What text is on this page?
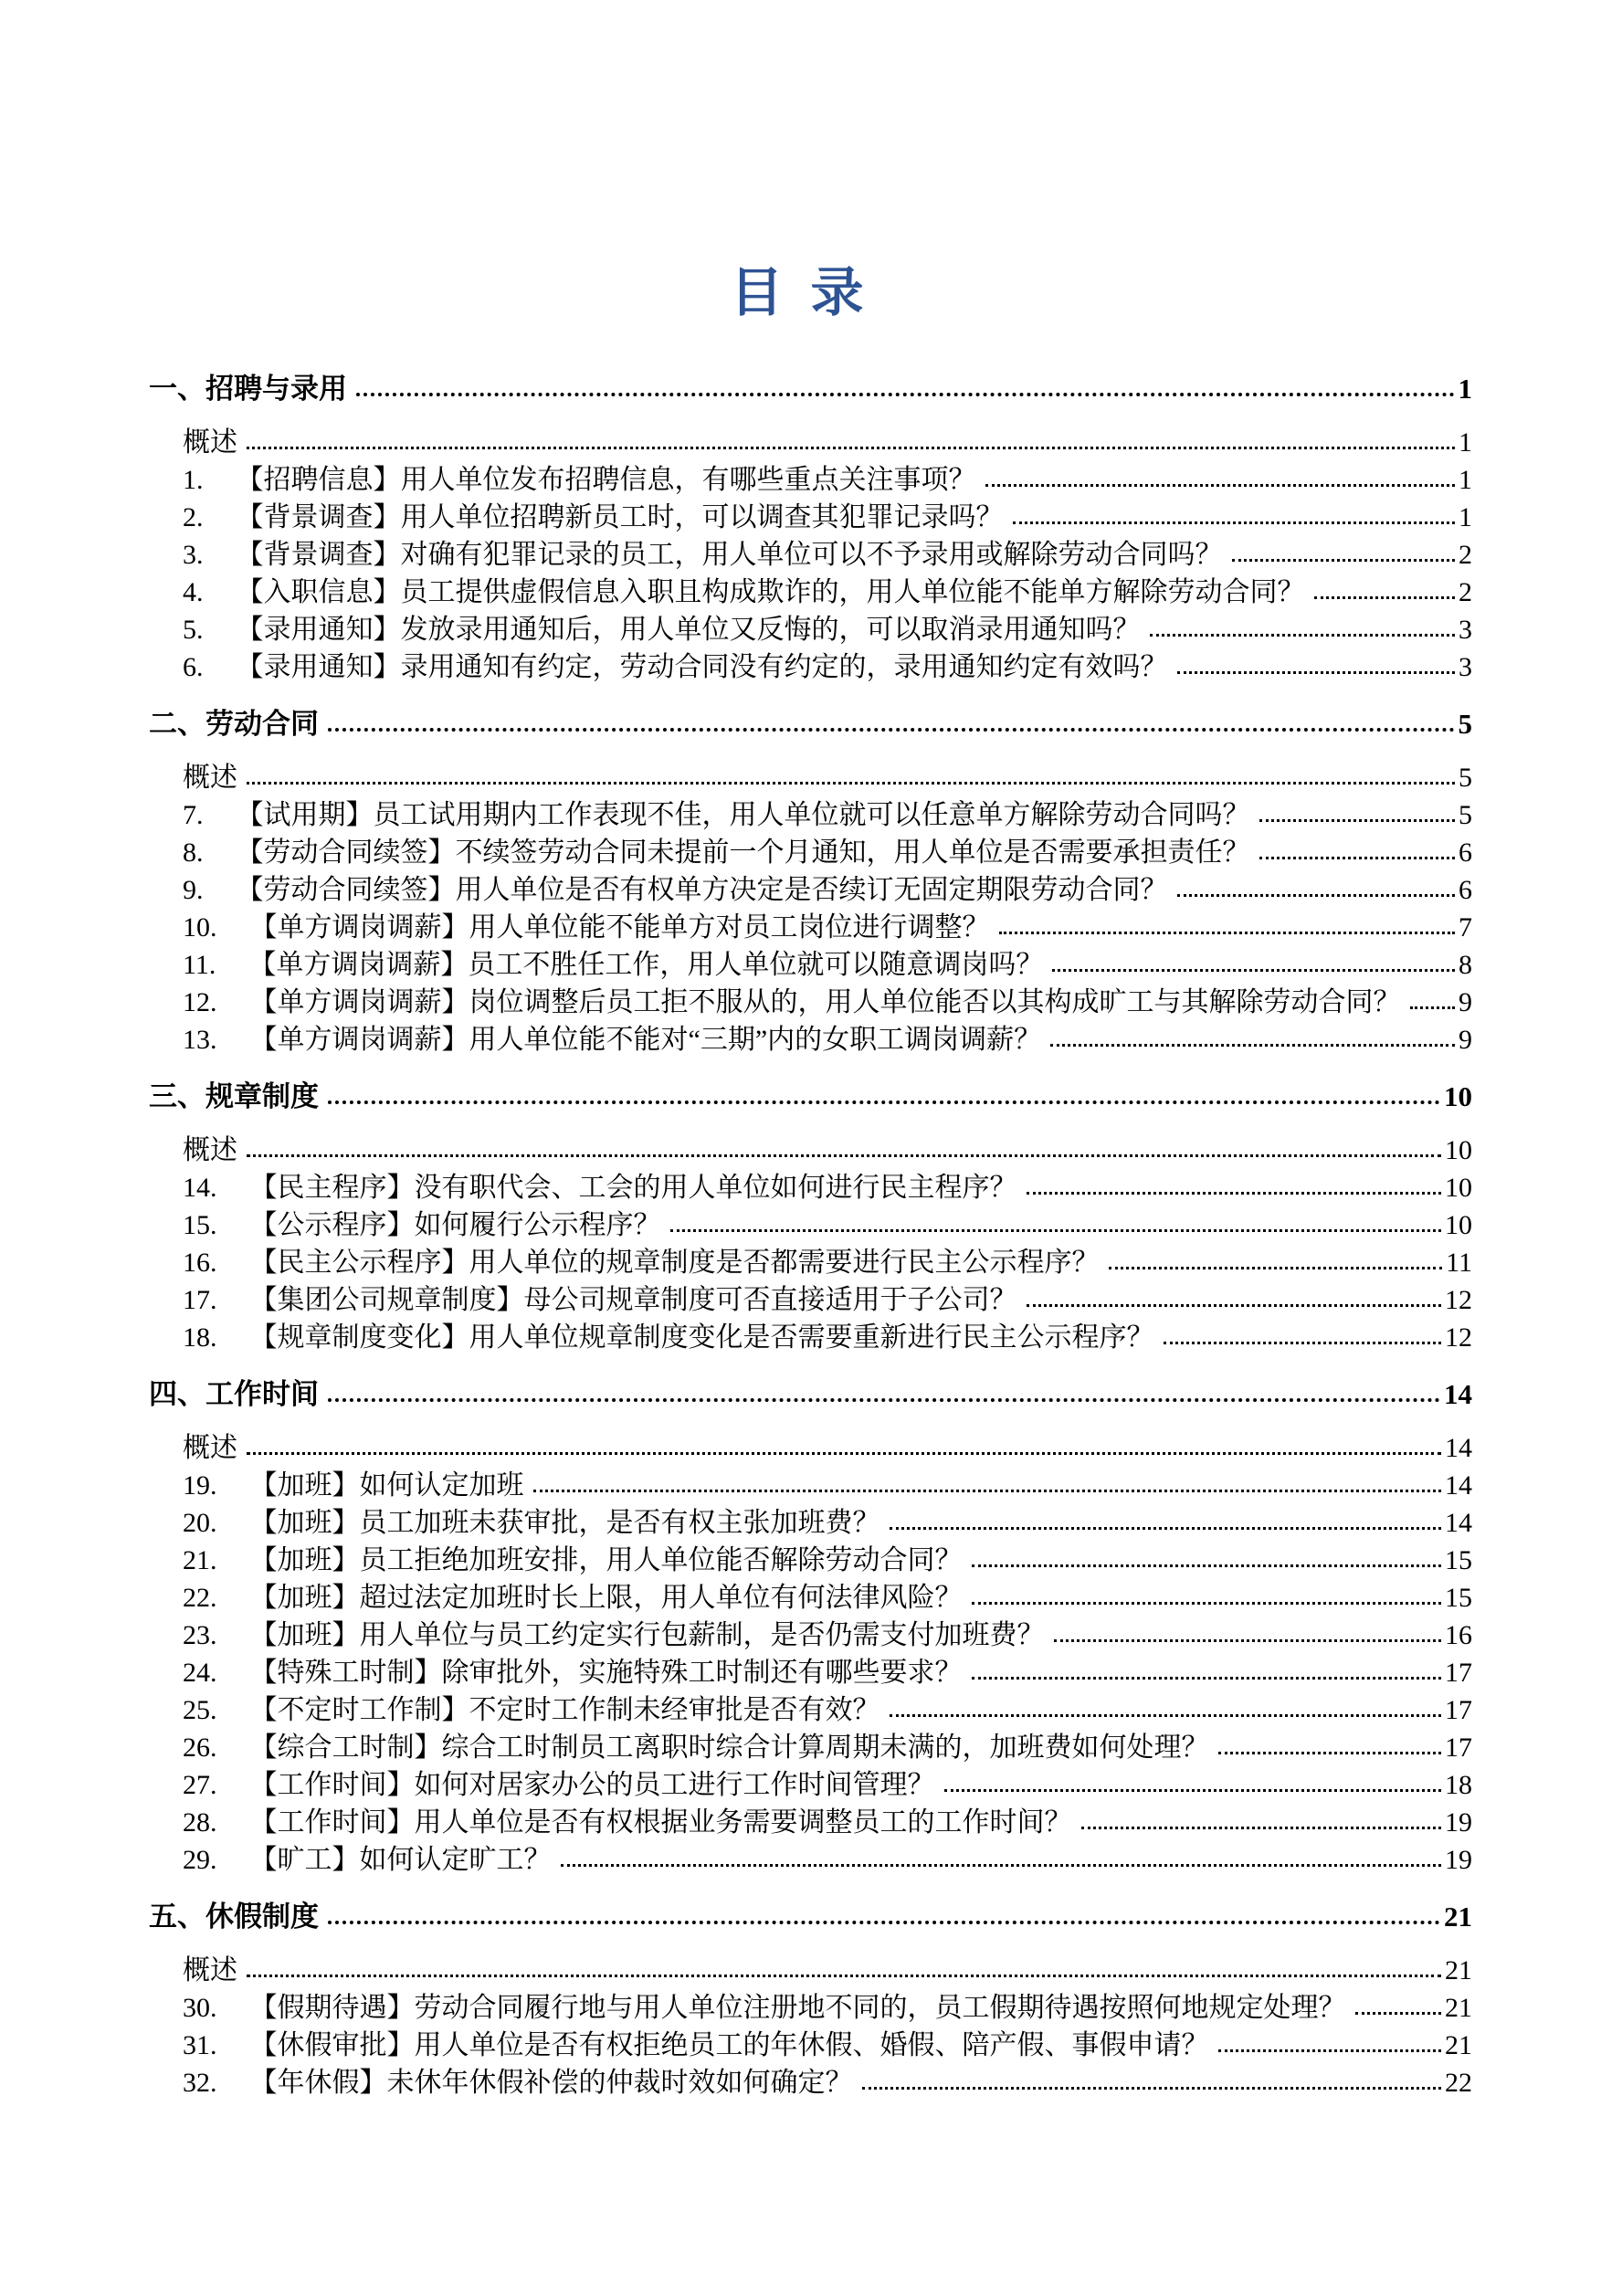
目录
一、招聘与录用	1
概述	1
1. 【招聘信息】用人单位发布招聘信息，有哪些重点关注事项？	1
2. 【背景调查】用人单位招聘新员工时，可以调查其犯罪记录吗？	1
3. 【背景调查】对确有犯罪记录的员工，用人单位可以不予录用或解除劳动合同吗？	2
4. 【入职信息】员工提供虚假信息入职且构成欺诈的，用人单位能不能单方解除劳动合同？	2
5. 【录用通知】发放录用通知后，用人单位又反悔的，可以取消录用通知吗？	3
6. 【录用通知】录用通知有约定，劳动合同没有约定的，录用通知约定有效吗？	3
二、劳动合同	5
概述	5
7. 【试用期】员工试用期内工作表现不佳，用人单位就可以任意单方解除劳动合同吗？	5
8. 【劳动合同续签】不续签劳动合同未提前一个月通知，用人单位是否需要承担责任？	6
9. 【劳动合同续签】用人单位是否有权单方决定是否续订无固定期限劳动合同？	6
10. 【单方调岗调薪】用人单位能不能单方对员工岗位进行调整？	7
11. 【单方调岗调薪】员工不胜任工作，用人单位就可以随意调岗吗？	8
12. 【单方调岗调薪】岗位调整后员工拒不服从的，用人单位能否以其构成旷工与其解除劳动合同？ 9
13. 【单方调岗调薪】用人单位能不能对“三期”内的女职工调岗调薪？	9
三、规章制度	10
概述	10
14. 【民主程序】没有职代会、工会的用人单位如何进行民主程序？	10
15. 【公示程序】如何履行公示程序？	10
16. 【民主公示程序】用人单位的规章制度是否都需要进行民主公示程序？	11
17. 【集团公司规章制度】母公司规章制度可否直接适用于子公司？	12
18. 【规章制度变化】用人单位规章制度变化是否需要重新进行民主公示程序？	12
四、工作时间	14
概述	14
19. 【加班】如何认定加班	14
20. 【加班】员工加班未获审批，是否有权主张加班费？	14
21. 【加班】员工拒绝加班安排，用人单位能否解除劳动合同？	15
22. 【加班】超过法定加班时长上限，用人单位有何法律风险？	15
23. 【加班】用人单位与员工约定实行包薪制，是否仍需支付加班费？	16
24. 【特殊工时制】除审批外，实施特殊工时制还有哪些要求？	17
25. 【不定时工作制】不定时工作制未经审批是否有效？	17
26. 【综合工时制】综合工时制员工离职时综合计算周期未满的，加班费如何处理？	17
27. 【工作时间】如何对居家办公的员工进行工作时间管理？	18
28. 【工作时间】用人单位是否有权根据业务需要调整员工的工作时间？	19
29. 【旷工】如何认定旷工？	19
五、休假制度	21
概述	21
30. 【假期待遇】劳动合同履行地与用人单位注册地不同的，员工假期待遇按照何地规定处理？	21
31. 【休假审批】用人单位是否有权拒绝员工的年休假、婚假、陪产假、事假申请？	21
32. 【年休假】未休年休假补偿的仲裁时效如何确定？	22
